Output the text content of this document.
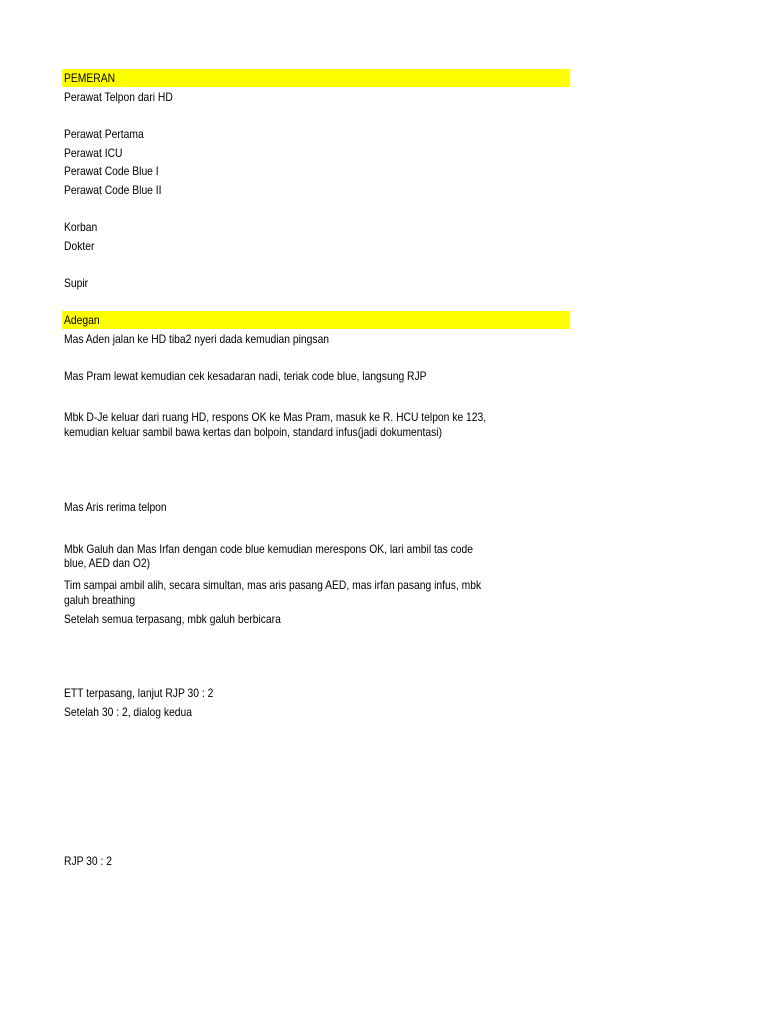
PEMERAN
Perawat Telpon dari HD
Perawat Pertama
Perawat ICU
Perawat Code Blue I
Perawat Code Blue II
Korban
Dokter
Supir
Adegan
Mas Aden jalan ke HD tiba2 nyeri dada kemudian pingsan
Mas Pram lewat kemudian cek kesadaran nadi, teriak code blue, langsung RJP
Mbk D-Je keluar dari ruang HD, respons OK ke Mas Pram, masuk ke R. HCU telpon ke 123,
kemudian keluar sambil bawa kertas dan bolpoin, standard infus(jadi dokumentasi)
Mas Aris rerima telpon
Mbk Galuh dan Mas Irfan dengan code blue kemudian merespons OK, lari ambil tas code
blue, AED dan O2)
Tim sampai ambil alih, secara simultan, mas aris pasang AED, mas irfan pasang infus, mbk
galuh breathing
Setelah semua terpasang, mbk galuh berbicara
ETT terpasang, lanjut RJP 30 : 2
Setelah 30 : 2, dialog kedua
RJP 30 : 2
